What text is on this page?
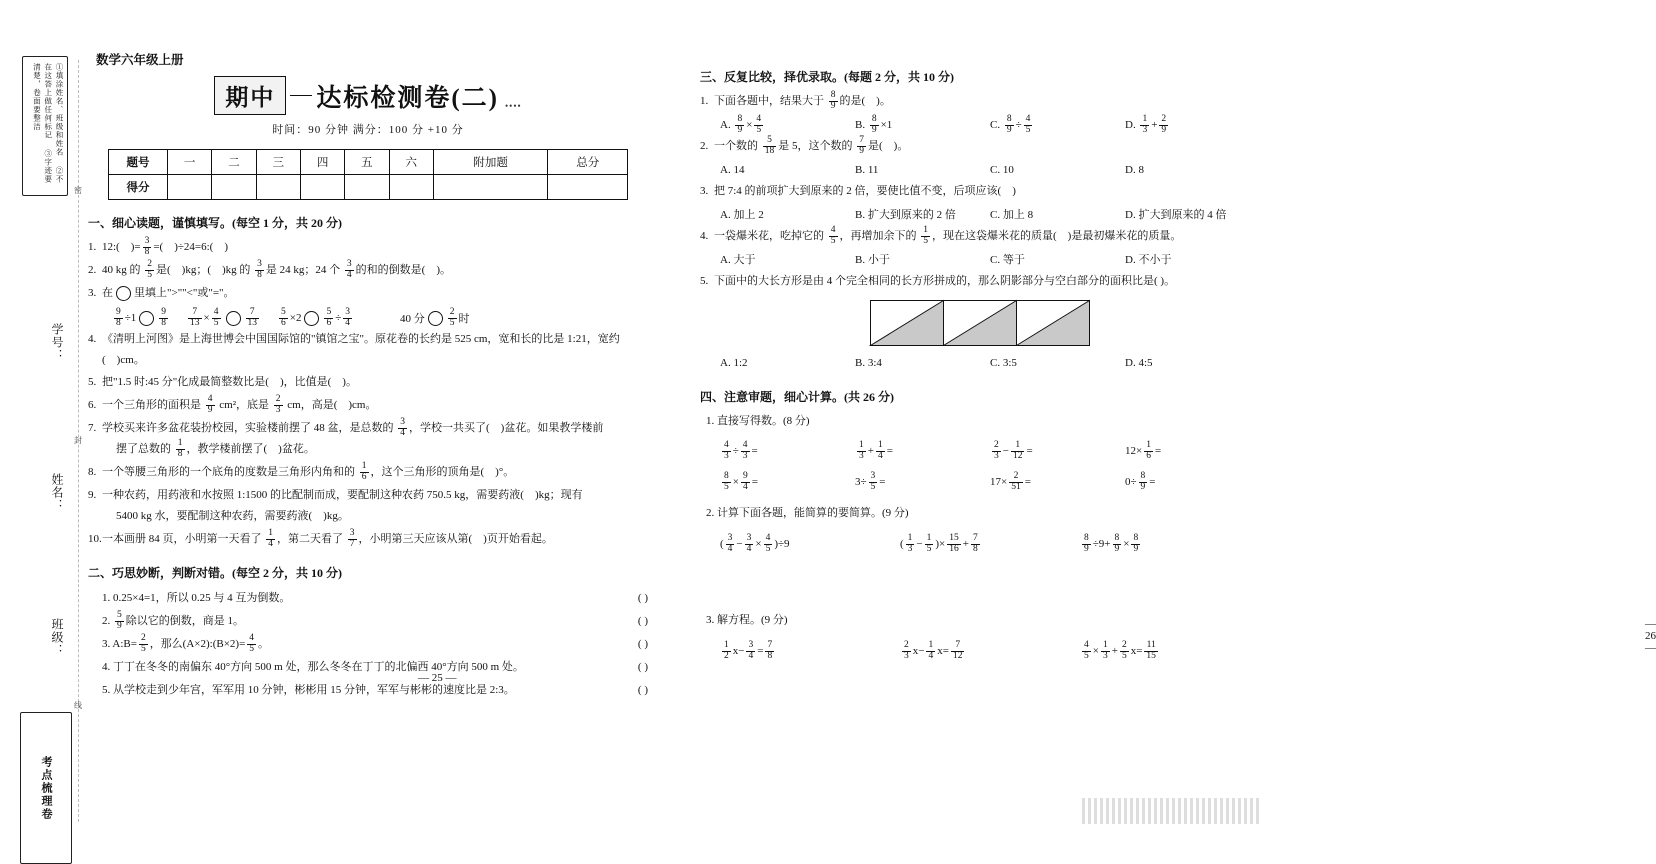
①填涂姓名、班级和姓名 ②不在这答上做任何标记 ③字迹要清楚，卷面要整洁
学号：
姓名：
班级：
考点梳理卷
密
封
线
数学六年级上册
期中	达标检测卷(二) ••••
时间：90 分钟 满分：100 分 +10 分
题号	一	二	三	四	五	六	附加题	总分
得分								
一、细心读题，谨慎填写。(每空 1 分，共 20 分)
1. 12:(    )= $\frac{3}{8}$ =(    )÷24=6:(    )
2. 40 kg 的 $\frac{2}{5}$ 是(    )kg；(    )kg 的 $\frac{3}{8}$ 是 24 kg；24 个 $\frac{3}{4}$ 的和的倒数是(    )。
3. 在 里填上">""<"或"="。
9
8 ÷1
9
8
7
13 ×
4
5
7
13
5
6 ×2
5
6 ÷
3
4	40 分
2
5 时
4. 《清明上河图》是上海世博会中国国际馆的"镇馆之宝"。原花卷的长约是 525 cm，宽和长的比是 1:21，宽约
(    )cm。
5. 把"1.5 时:45 分"化成最简整数比是(    )，比值是(    )。
6. 一个三角形的面积是 $\frac{4}{9} cm^2$，底是 $\frac{2}{3}$ cm，高是(    )cm。
7. 学校买来许多盆花装扮校园，实验楼前摆了 48 盆，是总数的 $\frac{3}{4}$ ，学校一共买了(    )盆花。如果教学楼前
摆了总数的 $\frac{1}{8}$ ，教学楼前摆了(    )盆花。
8. 一个等腰三角形的一个底角的度数是三角形内角和的 $\frac{1}{6}$ ，这个三角形的顶角是(    )°。
9. 一种农药，用药液和水按照 1:1500 的比配制而成，要配制这种农药 750.5 kg，需要药液(    )kg；现有
5400 kg 水，要配制这种农药，需要药液(    )kg。
10. 一本画册 84 页，小明第一天看了 $\frac{1}{4}$ ，第二天看了 $\frac{3}{7}$ ，小明第三天应该从第(    )页开始看起。
二、巧思妙断，判断对错。(每空 2 分，共 10 分)
1. 0.25×4=1，所以 0.25 与 4 互为倒数。	( )
2. $\frac{5}{9}$ 除以它的倒数，商是 1。	( )
3. A:B= $\frac{2}{5}$ ，那么(A×2):(B×2)= $\frac{4}{5}$ 。	( )
4. 丁丁在冬冬的南偏东 40°方向 500 m 处，那么冬冬在丁丁的北偏西 40°方向 500 m 处。	( )
5. 从学校走到少年宫，军军用 10 分钟，彬彬用 15 分钟，军军与彬彬的速度比是 2:3。	( )
— 25 —
三、反复比较，择优录取。(每题 2 分，共 10 分)
1. 下面各题中，结果大于 $\frac{8}{9}$ 的是(    )。
A. $\frac{8}{9} \times \frac{4}{5}$	B. $\frac{8}{9} \times 1$	C. $\frac{8}{9} \div \frac{4}{5}$	D. $\frac{1}{3} + \frac{2}{9}$
2. 一个数的 $\frac{5}{18}$ 是 5，这个数的 $\frac{7}{9}$ 是(    )。
A. 14	B. 11	C. 10	D. 8
3. 把 7:4 的前项扩大到原来的 2 倍，要使比值不变，后项应该(    )
A. 加上 2	B. 扩大到原来的 2 倍	C. 加上 8	D. 扩大到原来的 4 倍
4. 一袋爆米花，吃掉它的 $\frac{4}{5}$ ，再增加余下的 $\frac{1}{5}$ ，现在这袋爆米花的质量(    )是最初爆米花的质量。
A. 大于	B. 小于	C. 等于	D. 不小于
5. 下面中的大长方形是由 4 个完全相同的长方形拼成的，那么阴影部分与空白部分的面积比是( )。
A. 1:2	B. 3:4	C. 3:5	D. 4:5
四、注意审题，细心计算。(共 26 分)
1. 直接写得数。(8 分)
$\frac{4}{3} \div \frac{4}{3}$ =	$\frac{1}{3} + \frac{1}{4}$ =	$\frac{2}{3} - \frac{1}{12}$ =	$12\times \frac{1}{6}$ =
$\frac{8}{5} \times \frac{9}{4}$ =	$3\div \frac{3}{5}$ =	$17\times \frac{2}{51}$ =	$0\div \frac{8}{9}$ =
2. 计算下面各题，能简算的要简算。(9 分)
( $\frac{3}{4} - \frac{3}{4} \times \frac{4}{5} )\div 9$	( $\frac{1}{3} - \frac{1}{5}$ )× $\frac{15}{16} + \frac{7}{8}$	$\frac{8}{9} \div 9+ \frac{8}{9} \times \frac{8}{9}$
3. 解方程。(9 分)
$\frac{1}{2} x- \frac{3}{4} = \frac{7}{8}$	$\frac{2}{3} x- \frac{1}{4} x= \frac{7}{12}$	$\frac{4}{5} \times \frac{1}{3} + \frac{2}{5} x= \frac{11}{15}$
— 26 —
